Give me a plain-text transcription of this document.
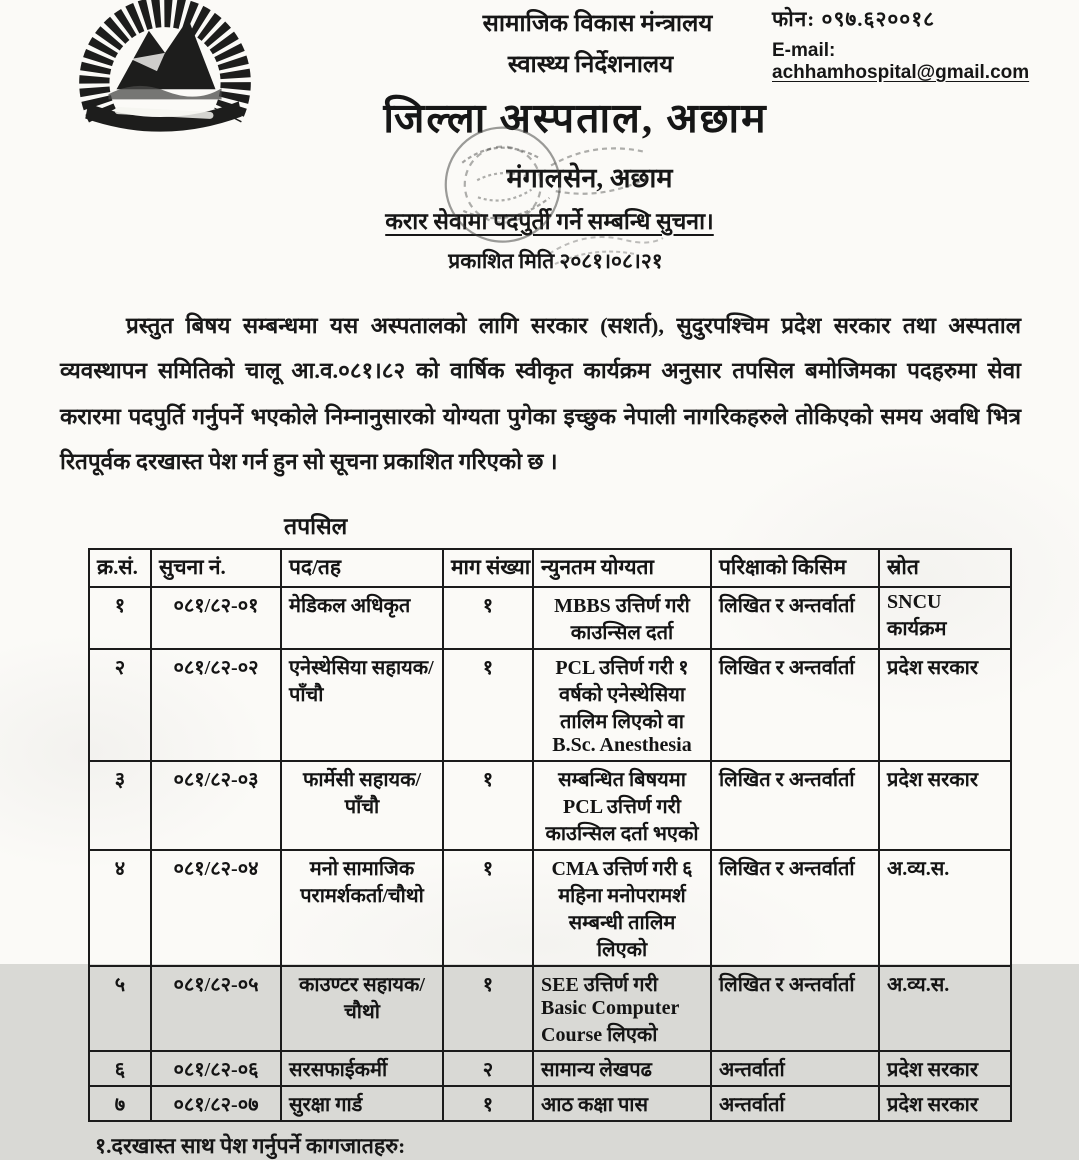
फोन: ०९७.६२००१८
E-mail: achhamhospital@gmail.com
सामाजिक विकास मंन्त्रालय
स्वास्थ्य निर्देशनालय
जिल्ला अस्पताल, अछाम
मंगालसेन, अछाम
करार सेवामा पदपुर्ती गर्ने सम्बन्धि सुचना।
प्रकाशित मिति २०८१।०८।२१

प्रस्तुत बिषय सम्बन्धमा यस अस्पतालको लागि सरकार (सशर्त), सुदुरपश्चिम प्रदेश सरकार तथा अस्पताल व्यवस्थापन समितिको चालू आ.व.०८१।८२ को वार्षिक स्वीकृत कार्यक्रम अनुसार तपसिल बमोजिमका पदहरुमा सेवा करारमा पदपुर्ति गर्नुपर्ने भएकोले निम्नानुसारको योग्यता पुगेका इच्छुक नेपाली नागरिकहरुले तोकिएको समय अवधि भित्र रितपूर्वक दरखास्त पेश गर्न हुन सो सूचना प्रकाशित गरिएको छ ।

तपसिल
क्र.सं.	सुचना नं.	पद/तह	माग संख्या	न्युनतम योग्यता	परिक्षाको किसिम	स्रोत
१	०८१/८२-०१	मेडिकल अधिकृत	१	MBBS उत्तिर्ण गरी काउन्सिल दर्ता	लिखित र अन्तर्वार्ता	SNCU कार्यक्रम
२	०८१/८२-०२	एनेस्थेसिया सहायक/पाँचौ	१	PCL उत्तिर्ण गरी १ वर्षको एनेस्थेसिया तालिम लिएको वा B.Sc. Anesthesia	लिखित र अन्तर्वार्ता	प्रदेश सरकार
३	०८१/८२-०३	फार्मेसी सहायक/पाँचौ	१	सम्बन्धित बिषयमा PCL उत्तिर्ण गरी काउन्सिल दर्ता भएको	लिखित र अन्तर्वार्ता	प्रदेश सरकार
४	०८१/८२-०४	मनो सामाजिक परामर्शकर्ता/चौथो	१	CMA उत्तिर्ण गरी ६ महिना मनोपरामर्श सम्बन्धी तालिम लिएको	लिखित र अन्तर्वार्ता	अ.व्य.स.
५	०८१/८२-०५	काउण्टर सहायक/चौथो	१	SEE उत्तिर्ण गरी Basic Computer Course लिएको	लिखित र अन्तर्वार्ता	अ.व्य.स.
६	०८१/८२-०६	सरसफाईकर्मी	२	सामान्य लेखपढ	अन्तर्वार्ता	प्रदेश सरकार
७	०८१/८२-०७	सुरक्षा गार्ड	१	आठ कक्षा पास	अन्तर्वार्ता	प्रदेश सरकार
१.दरखास्त साथ पेश गर्नुपर्ने कागजातहरु:
